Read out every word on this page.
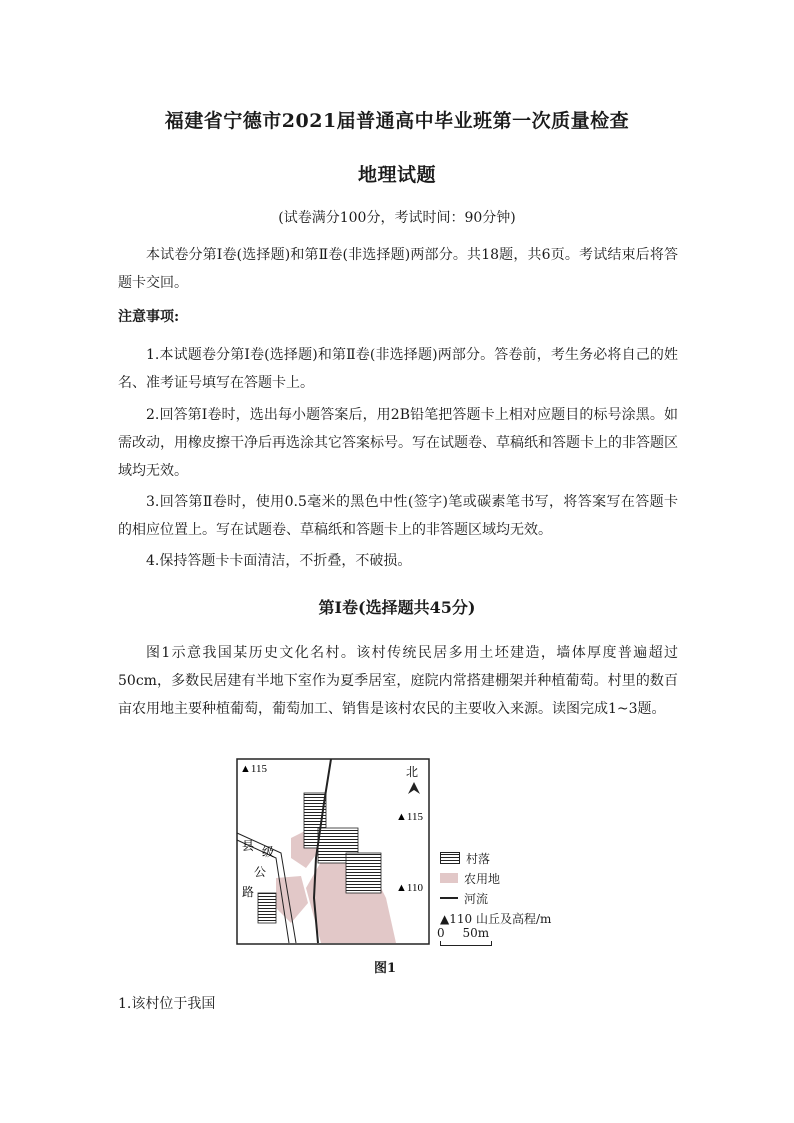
福建省宁德市2021届普通高中毕业班第一次质量检查
地理试题
(试卷满分100分，考试时间：90分钟)

本试卷分第Ⅰ卷(选择题)和第Ⅱ卷(非选择题)两部分。共18题，共6页。考试结束后将答题卡交回。

注意事项:

1.本试题卷分第Ⅰ卷(选择题)和第Ⅱ卷(非选择题)两部分。答卷前，考生务必将自己的姓名、准考证号填写在答题卡上。

2.回答第Ⅰ卷时，选出每小题答案后，用2B铅笔把答题卡上相对应题目的标号涂黑。如需改动，用橡皮擦干净后再选涂其它答案标号。写在试题卷、草稿纸和答题卡上的非答题区域均无效。

3.回答第Ⅱ卷时，使用0.5毫米的黑色中性(签字)笔或碳素笔书写，将答案写在答题卡的相应位置上。写在试题卷、草稿纸和答题卡上的非答题区域均无效。

4.保持答题卡卡面清洁，不折叠，不破损。

第Ⅰ卷(选择题共45分)

图1示意我国某历史文化名村。该村传统民居多用土坯建造，墙体厚度普遍超过50cm，多数民居建有半地下室作为夏季居室，庭院内常搭建棚架并种植葡萄。村里的数百亩农用地主要种植葡萄，葡萄加工、销售是该村农民的主要收入来源。读图完成1~3题。

▲115
▲115
▲110
北
县 级
公
路
村落
农用地
河流
▲110 山丘及高程/m
0 50m
图1
1.该村位于我国
